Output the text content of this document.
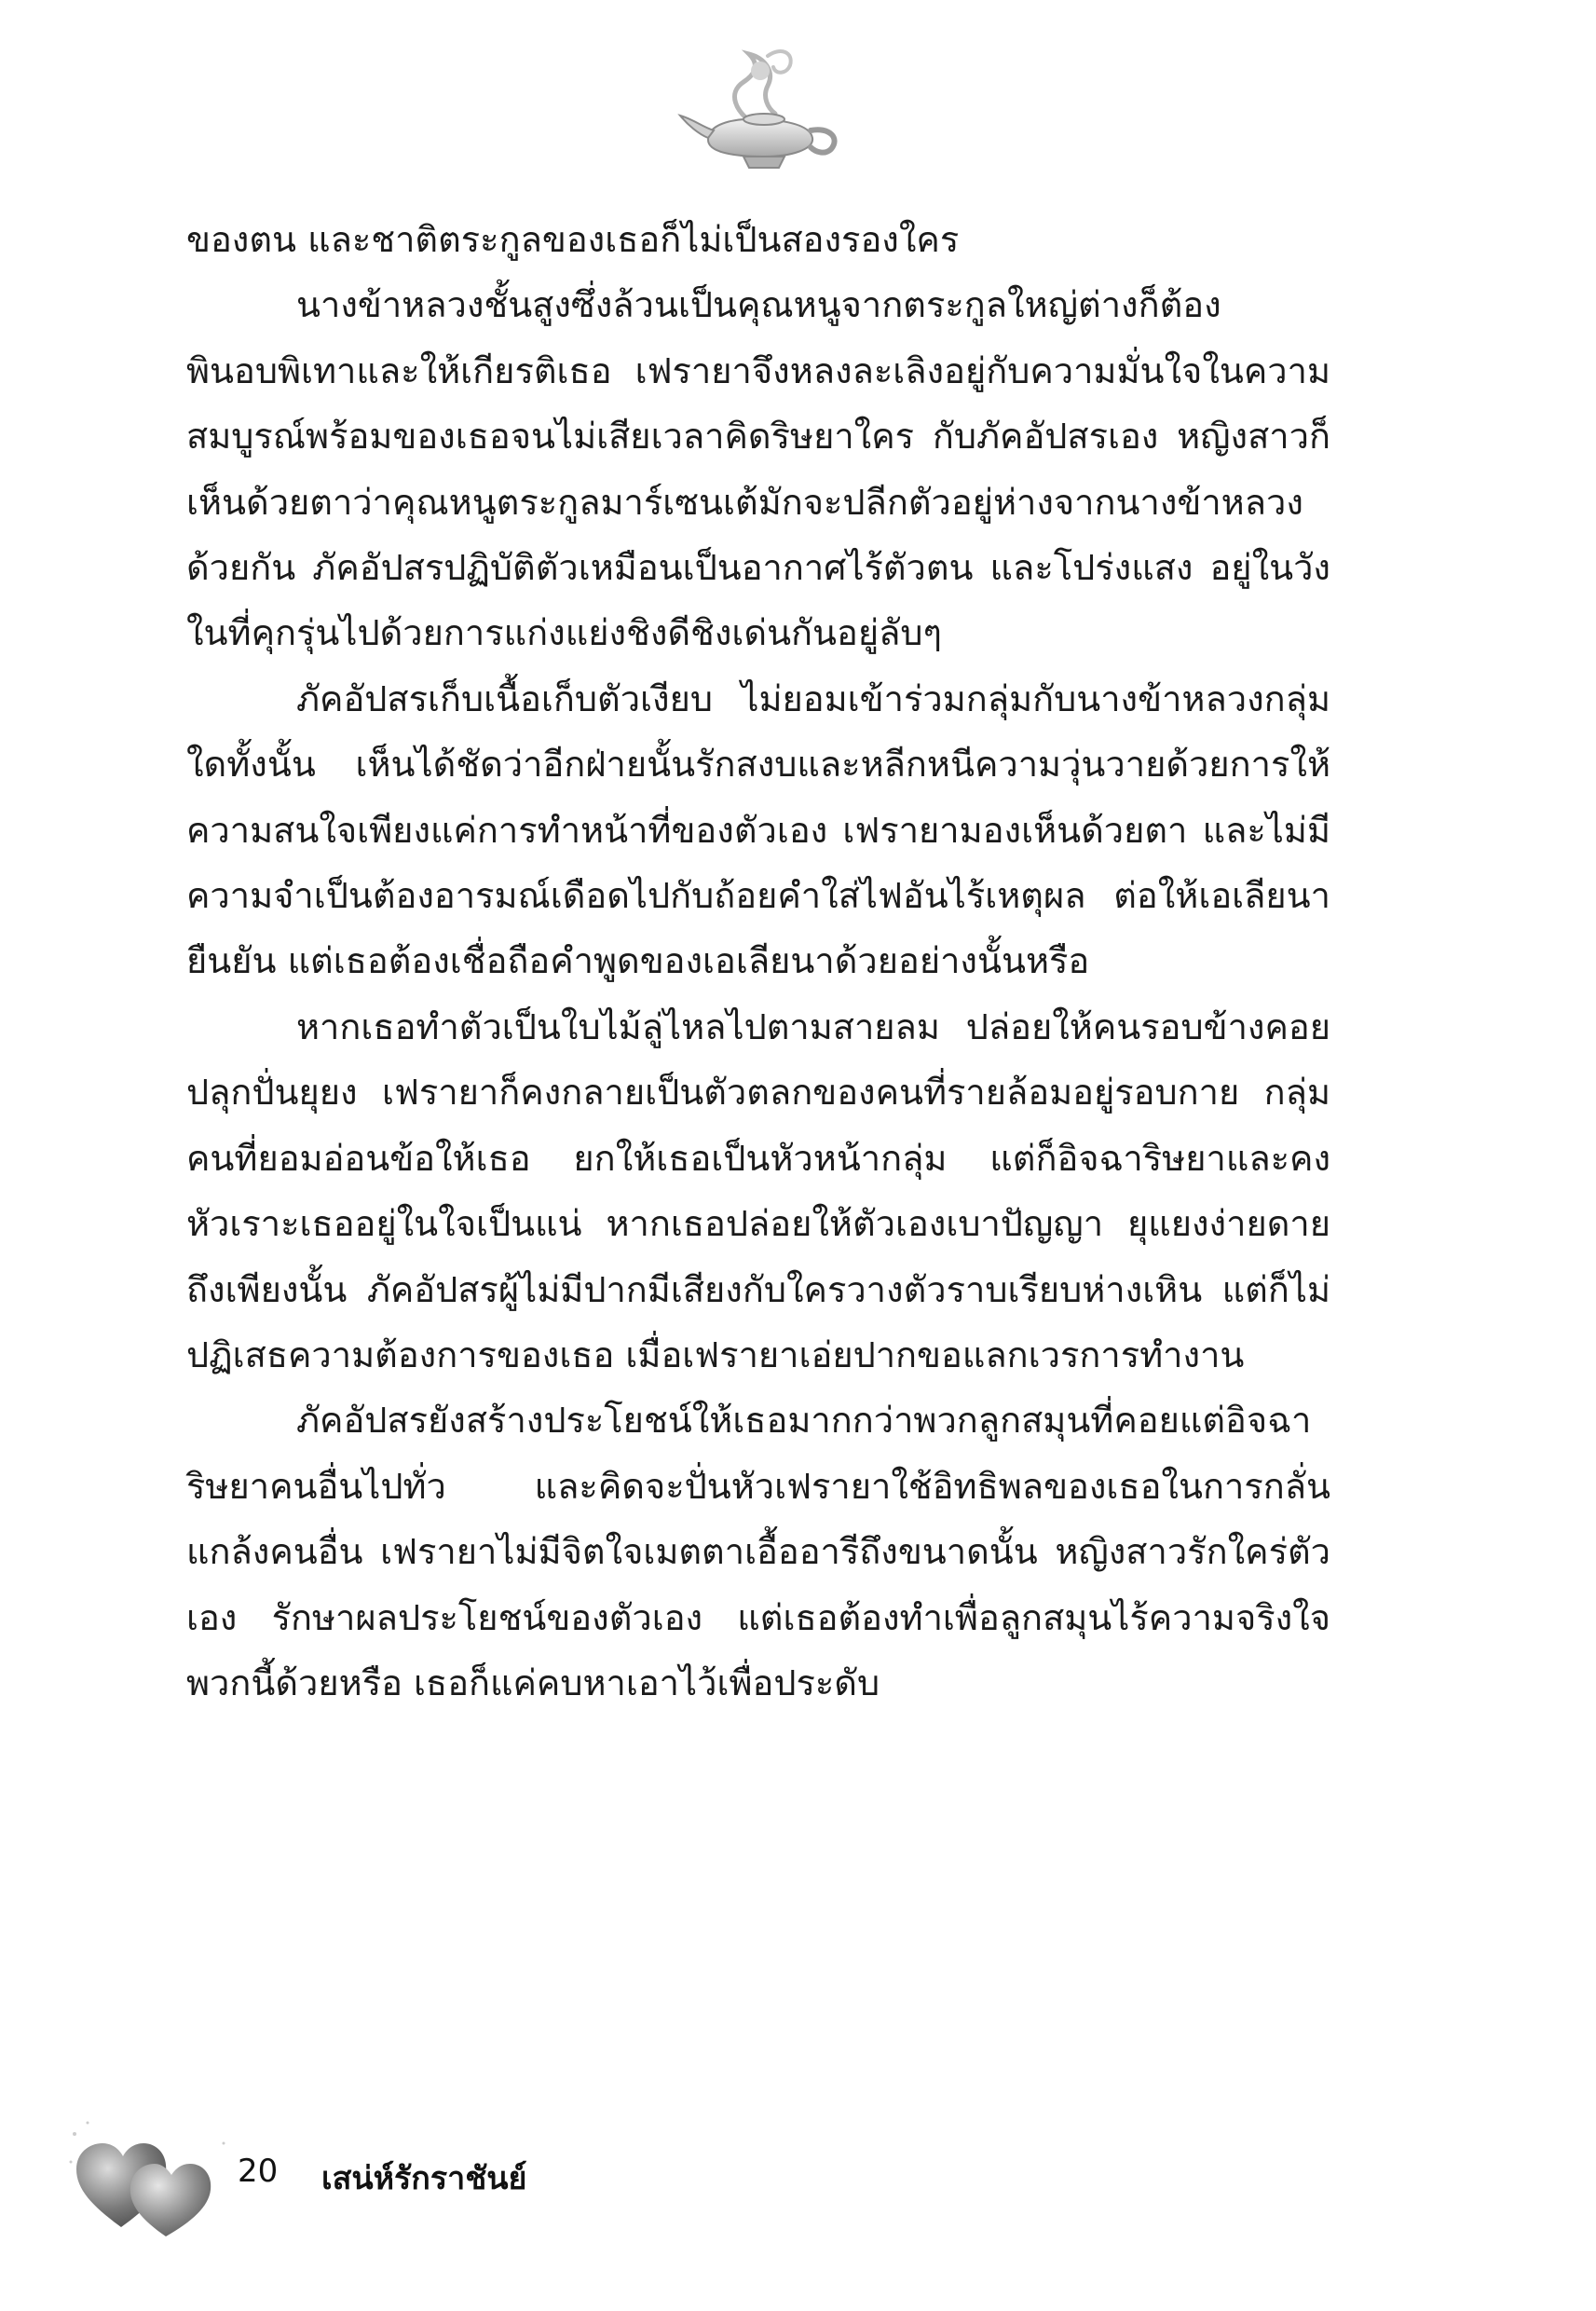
ของตน และชาติตระกูลของเธอก็ไม่เป็นสองรองใคร

นางข้าหลวงชั้นสูงซึ่งล้วนเป็นคุณหนูจากตระกูลใหญ่ต่างก็ต้องพินอบพิเทาและให้เกียรติเธอ เฟรายาจึงหลงละเลิงอยู่กับความมั่นใจในความสมบูรณ์พร้อมของเธอจนไม่เสียเวลาคิดริษยาใคร กับภัคอัปสรเอง หญิงสาวก็เห็นด้วยตาว่าคุณหนูตระกูลมาร์เซนเต้มักจะปลีกตัวอยู่ห่างจากนางข้าหลวงด้วยกัน ภัคอัปสรปฏิบัติตัวเหมือนเป็นอากาศไร้ตัวตน และโปร่งแสง อยู่ในวังในที่คุกรุ่นไปด้วยการแก่งแย่งชิงดีชิงเด่นกันอยู่ลับๆ

ภัคอัปสรเก็บเนื้อเก็บตัวเงียบ ไม่ยอมเข้าร่วมกลุ่มกับนางข้าหลวงกลุ่มใดทั้งนั้น เห็นได้ชัดว่าอีกฝ่ายนั้นรักสงบและหลีกหนีความวุ่นวายด้วยการให้ความสนใจเพียงแค่การทำหน้าที่ของตัวเอง เฟรายามองเห็นด้วยตา และไม่มีความจำเป็นต้องอารมณ์เดือดไปกับถ้อยคำใส่ไฟอันไร้เหตุผล ต่อให้เอเลียนายืนยัน แต่เธอต้องเชื่อถือคำพูดของเอเลียนาด้วยอย่างนั้นหรือ

หากเธอทำตัวเป็นใบไม้ลู่ไหลไปตามสายลม ปล่อยให้คนรอบข้างคอยปลุกปั่นยุยง เฟรายาก็คงกลายเป็นตัวตลกของคนที่รายล้อมอยู่รอบกาย กลุ่มคนที่ยอมอ่อนข้อให้เธอ ยกให้เธอเป็นหัวหน้ากลุ่ม แต่ก็อิจฉาริษยาและคงหัวเราะเธออยู่ในใจเป็นแน่ หากเธอปล่อยให้ตัวเองเบาปัญญา ยุแยงง่ายดายถึงเพียงนั้น ภัคอัปสรผู้ไม่มีปากมีเสียงกับใครวางตัวราบเรียบห่างเหิน แต่ก็ไม่ปฏิเสธความต้องการของเธอ เมื่อเฟรายาเอ่ยปากขอแลกเวรการทำงาน

ภัคอัปสรยังสร้างประโยชน์ให้เธอมากกว่าพวกลูกสมุนที่คอยแต่อิจฉาริษยาคนอื่นไปทั่ว และคิดจะปั่นหัวเฟรายาใช้อิทธิพลของเธอในการกลั่นแกล้งคนอื่น เฟรายาไม่มีจิตใจเมตตาเอื้ออารีถึงขนาดนั้น หญิงสาวรักใคร่ตัวเอง รักษาผลประโยชน์ของตัวเอง แต่เธอต้องทำเพื่อลูกสมุนไร้ความจริงใจพวกนี้ด้วยหรือ เธอก็แค่คบหาเอาไว้เพื่อประดับ

20 เสน่ห์รักราชันย์
